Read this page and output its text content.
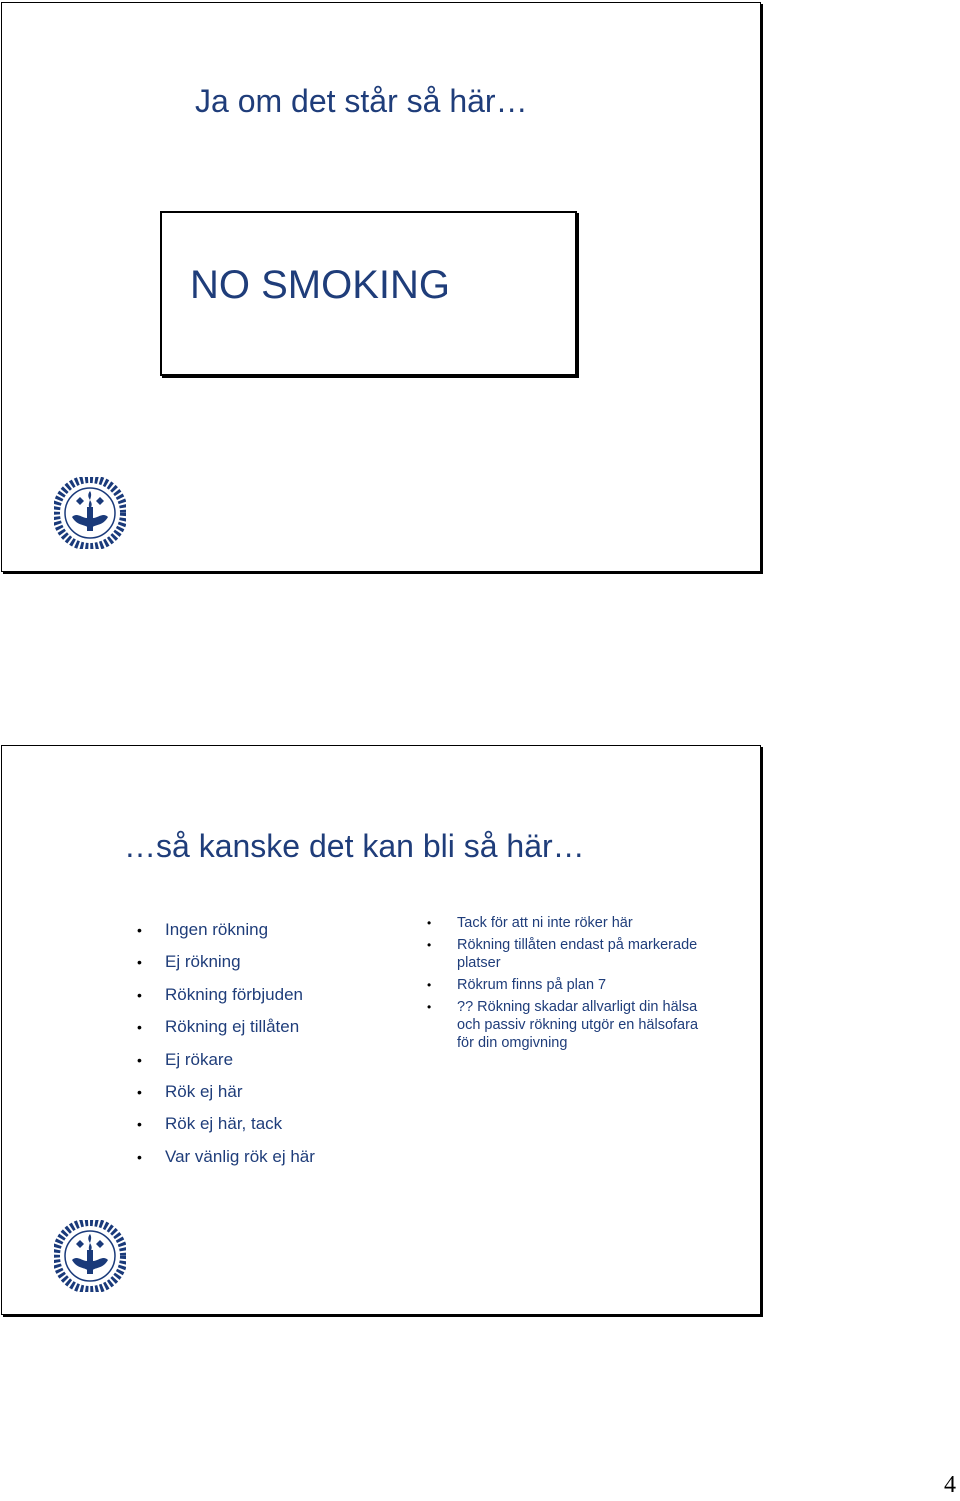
Ja om det står så här…
NO SMOKING
…så kanske det kan bli så här…
• Ingen rökning
• Ej rökning
• Rökning förbjuden
• Rökning ej tillåten
• Ej rökare
• Rök ej här
• Rök ej här, tack
• Var vänlig rök ej här
• Tack för att ni inte röker här
• Rökning tillåten endast på markerade platser
• Rökrum finns på plan 7
• ?? Rökning skadar allvarligt din hälsa och passiv rökning utgör en hälsofara för din omgivning
4
